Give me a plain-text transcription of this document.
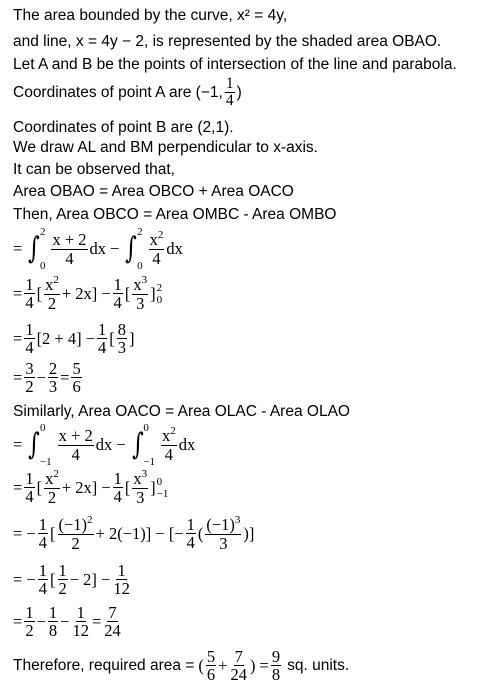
The area bounded by the curve, x² = 4y,
and line, x = 4y − 2, is represented by the shaded area OBAO.
Let A and B be the points of intersection of the line and parabola.
Coordinates of point A are (−1, $\frac{1}{4}$ )
Coordinates of point B are (2,1).
We draw AL and BM perpendicular to x-axis.
It can be observed that,
Area OBAO = Area OBCO + Area OACO
Then, Area OBCO = Area OMBC - Area OMBO
= ∫ 2
$0 \frac{x + 2}{4}$ dx − ∫ 2
$0 \frac{x^2}{4}$ dx
= $\frac{1}{4}$ [ $\frac{x^2}{2} + 2x] - \frac{1}{4}$ [ $\frac{x^3}{3}$ ] 2
0
= $\frac{1}{4} [2 + 4] - \frac{1}{4}$ [ $\frac{8}{3}$ ]
= $\frac{3}{2} - \frac{2}{3} = \frac{5}{6}$
Similarly, Area OACO = Area OLAC - Area OLAO
= ∫ 0
$-1 \frac{x + 2}{4}$ dx − ∫ 0
$-1 \frac{x^2}{4}$ dx
= $\frac{1}{4}$ [ $\frac{x^2}{2} + 2x] - \frac{1}{4}$ [ $\frac{x^3}{3}$ ] 0
−1
= − $\frac{1}{4}$ [ $\frac{(-1)^2}{2} + 2(-1)$] − [− $\frac{1}{4}$ ( $\frac{(-1)^3}{3}$ )]
= − $\frac{1}{4}$ [ $\frac{1}{2} - 2] - \frac{1}{12}$
= $\frac{1}{2} - \frac{1}{8} - \frac{1}{12} = \frac{7}{24}$
Therefore, required area = ( $\frac{5}{6} + \frac{7}{24}$ ) = $\frac{9}{8}$ sq. units.
